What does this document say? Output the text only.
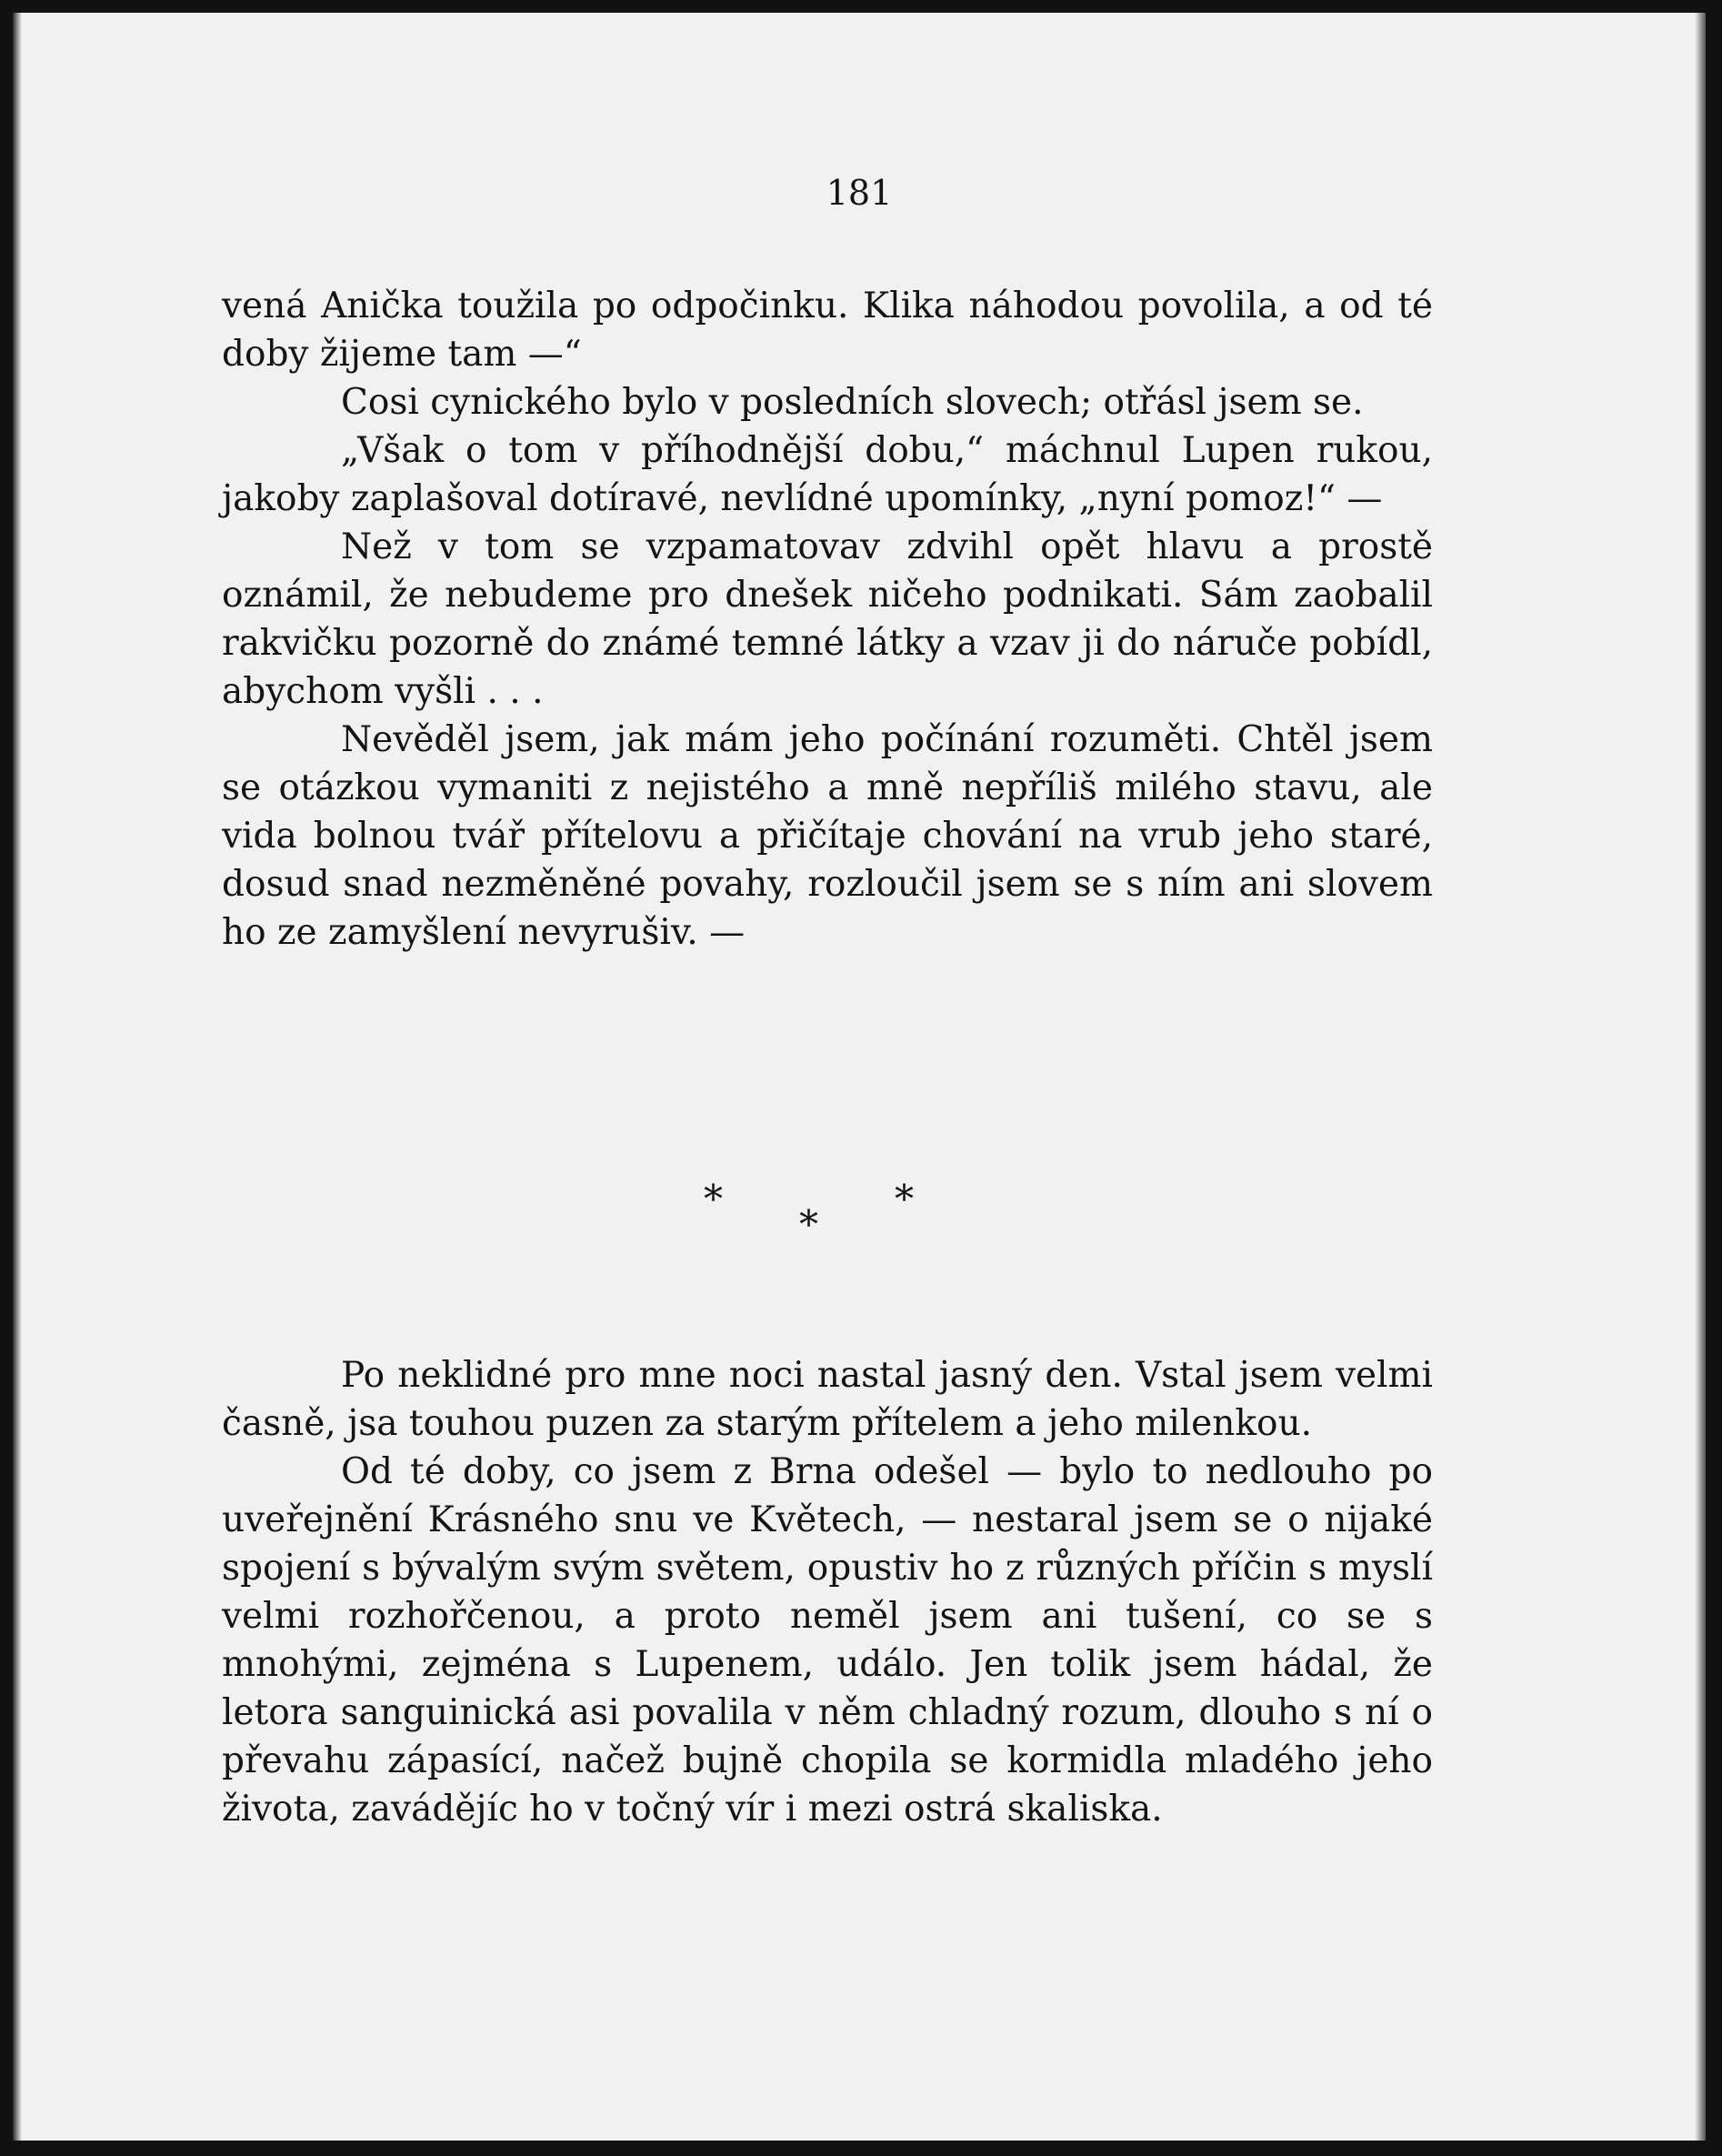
181

vená Anička toužila po odpočinku. Klika náhodou povolila, a od té doby žijeme tam —“

Cosi cynického bylo v posledních slovech; otřásl jsem se.

„Však o tom v příhodnější dobu,“ máchnul Lupen rukou, jakoby zaplašoval dotíravé, nevlídné upomínky, „nyní pomoz!“ —

Než v tom se vzpamatovav zdvihl opět hlavu a prostě oznámil, že nebudeme pro dnešek ničeho podnikati. Sám zaobalil rakvičku pozorně do známé temné látky a vzav ji do náruče pobídl, abychom vyšli . . .

Nevěděl jsem, jak mám jeho počínání rozuměti. Chtěl jsem se otázkou vymaniti z nejistého a mně nepříliš milého stavu, ale vida bolnou tvář přítelovu a přičítaje chování na vrub jeho staré, dosud snad nezměněné povahy, rozloučil jsem se s ním ani slovem ho ze zamyšlení nevyrušiv. —

*	*
*

Po neklidné pro mne noci nastal jasný den. Vstal jsem velmi časně, jsa touhou puzen za starým přítelem a jeho milenkou.

Od té doby, co jsem z Brna odešel — bylo to nedlouho po uveřejnění Krásného snu ve Květech, — nestaral jsem se o nijaké spojení s bývalým svým světem, opustiv ho z různých příčin s myslí velmi rozhořčenou, a proto neměl jsem ani tušení, co se s mnohými, zejména s Lupenem, událo. Jen tolik jsem hádal, že letora sanguinická asi povalila v něm chladný rozum, dlouho s ní o převahu zápasící, načež bujně chopila se kormidla mladého jeho života, zavádějíc ho v točný vír i mezi ostrá skaliska.
